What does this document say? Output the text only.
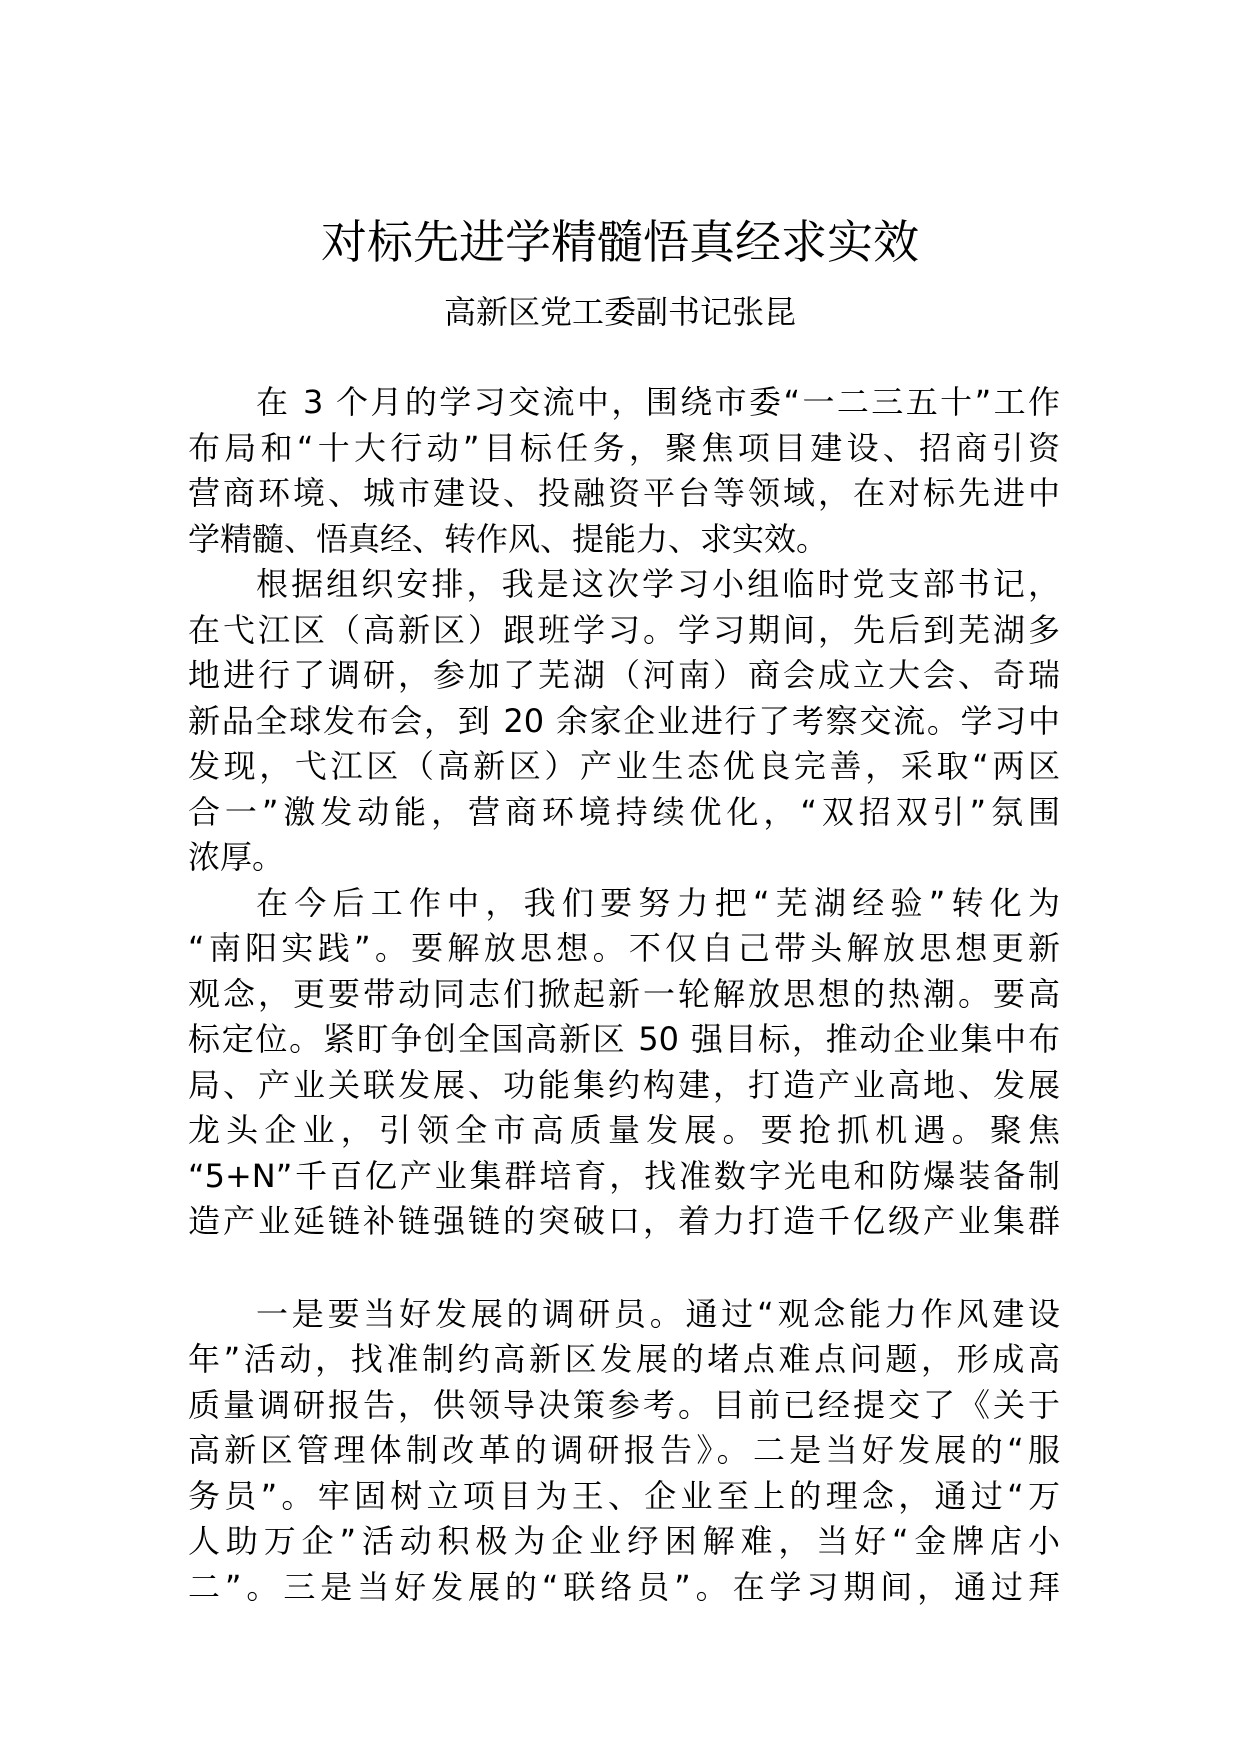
对标先进学精髓悟真经求实效
高新区党工委副书记张昆
在 3 个月的学习交流中，围绕市委“一二三五十”工作
布局和“十大行动”目标任务，聚焦项目建设、招商引资
营商环境、城市建设、投融资平台等领域，在对标先进中
学精髓、悟真经、转作风、提能力、求实效。
根据组织安排，我是这次学习小组临时党支部书记，
在弋江区（高新区）跟班学习。学习期间，先后到芜湖多
地进行了调研，参加了芜湖（河南）商会成立大会、奇瑞
新品全球发布会，到 20 余家企业进行了考察交流。学习中
发现，弋江区（高新区）产业生态优良完善，采取“两区
合一”激发动能，营商环境持续优化，“双招双引”氛围
浓厚。
在今后工作中，我们要努力把“芜湖经验”转化为
“南阳实践”。要解放思想。不仅自己带头解放思想更新
观念，更要带动同志们掀起新一轮解放思想的热潮。要高
标定位。紧盯争创全国高新区 50 强目标，推动企业集中布
局、产业关联发展、功能集约构建，打造产业高地、发展
龙头企业，引领全市高质量发展。要抢抓机遇。聚焦
“5+N”千百亿产业集群培育，找准数字光电和防爆装备制
造产业延链补链强链的突破口，着力打造千亿级产业集群
一是要当好发展的调研员。通过“观念能力作风建设
年”活动，找准制约高新区发展的堵点难点问题，形成高
质量调研报告，供领导决策参考。目前已经提交了《关于
高新区管理体制改革的调研报告》。二是当好发展的“服
务员”。牢固树立项目为王、企业至上的理念，通过“万
人助万企”活动积极为企业纾困解难，当好“金牌店小
二”。三是当好发展的“联络员”。在学习期间，通过拜
